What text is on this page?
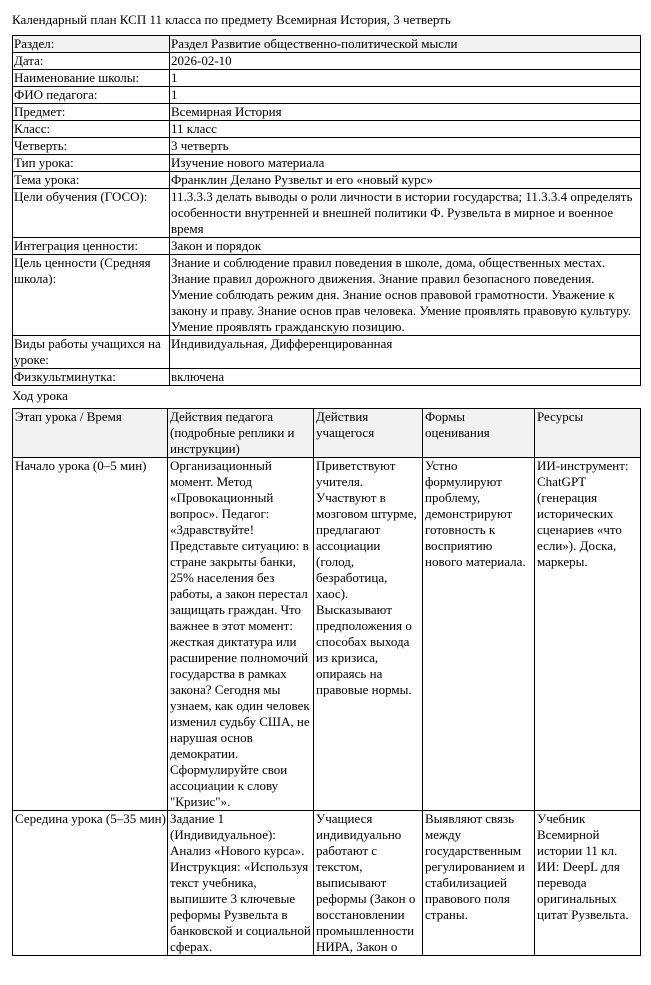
Календарный план КСП 11 класса по предмету Всемирная История, 3 четверть
Раздел:	Раздел Развитие общественно-политической мысли
Дата:	2026-02-10
Наименование школы:	1
ФИО педагога:	1
Предмет:	Всемирная История
Класс:	11 класс
Четверть:	3 четверть
Тип урока:	Изучение нового материала
Тема урока:	Франклин Делано Рузвельт и его «новый курс»
Цели обучения (ГОСО):	11.3.3.3 делать выводы о роли личности в истории государства; 11.3.3.4 определять особенности внутренней и внешней политики Ф. Рузвельта в мирное и военное время
Интеграция ценности:	Закон и порядок
Цель ценности (Средняя школа):	Знание и соблюдение правил поведения в школе, дома, общественных местах. Знание правил дорожного движения. Знание правил безопасного поведения. Умение соблюдать режим дня. Знание основ правовой грамотности. Уважение к закону и праву. Знание основ прав человека. Умение проявлять правовую культуру. Умение проявлять гражданскую позицию.
Виды работы учащихся на уроке:	Индивидуальная, Дифференцированная
Физкультминутка:	включена
Ход урока
Этап урока / Время	Действия педагога (подробные реплики и инструкции)	Действия учащегося	Формы оценивания	Ресурсы
Начало урока (0–5 мин)	Организационный момент. Метод «Провокационный вопрос». Педагог: «Здравствуйте! Представьте ситуацию: в стране закрыты банки, 25% населения без работы, а закон перестал защищать граждан. Что важнее в этот момент: жесткая диктатура или расширение полномочий государства в рамках закона? Сегодня мы узнаем, как один человек изменил судьбу США, не нарушая основ демократии. Сформулируйте свои ассоциации к слову "Кризис"».	Приветствуют учителя. Участвуют в мозговом штурме, предлагают ассоциации (голод, безработица, хаос). Высказывают предположения о способах выхода из кризиса, опираясь на правовые нормы.	Устно формулируют проблему, демонстрируют готовность к восприятию нового материала.	ИИ-инструмент: ChatGPT (генерация исторических сценариев «что если»). Доска, маркеры.
Середина урока (5–35 мин)	Задание 1 (Индивидуальное): Анализ «Нового курса». Инструкция: «Используя текст учебника, выпишите 3 ключевые реформы Рузвельта в банковской и социальной сферах.	Учащиеся индивидуально работают с текстом, выписывают реформы (Закон о восстановлении промышленности НИРА, Закон о	Выявляют связь между государственным регулированием и стабилизацией правового поля страны.	Учебник Всемирной истории 11 кл. ИИ: DeepL для перевода оригинальных цитат Рузвельта.
